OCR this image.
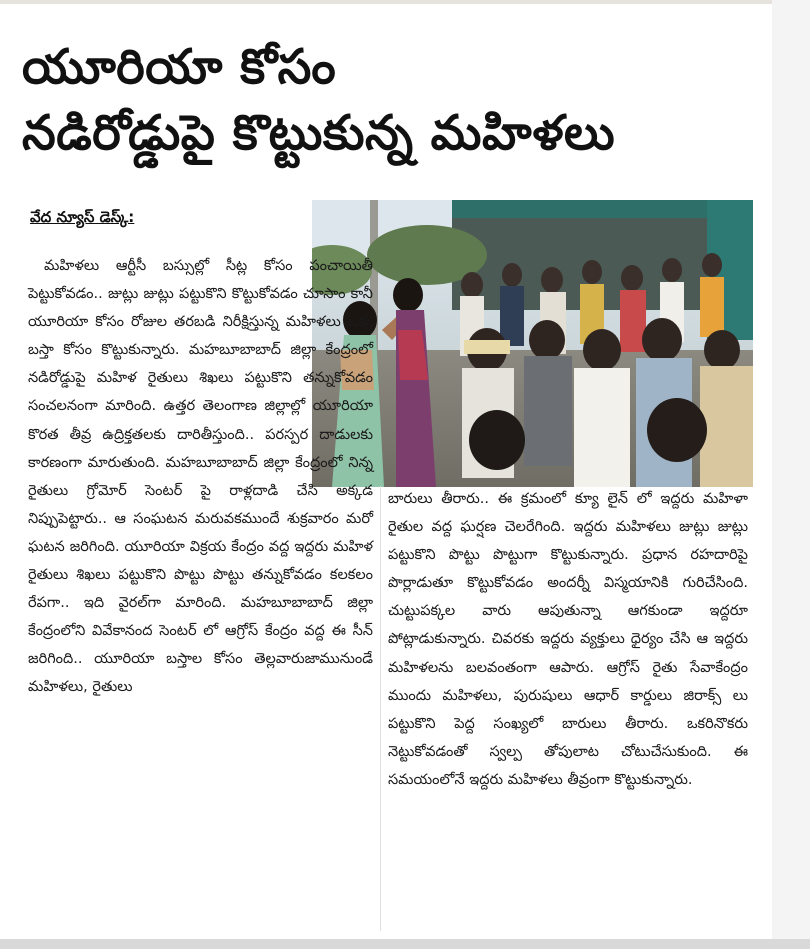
యూరియా కోసం
నడిరోడ్డుపై కొట్టుకున్న మహిళలు
వేద న్యూస్ డెస్క్:

మహిళలు ఆర్టీసీ బస్సుల్లో సీట్ల కోసం పంచాయితీ పెట్టుకోవడం.. జుట్లు జుట్లు పట్టుకొని కొట్టుకోవడం చూసాం కానీ యూరియా కోసం రోజుల తరబడి నిరీక్షిస్తున్న మహిళలు ఒక్క బస్తా కోసం కొట్టుకున్నారు. మహబూబాబాద్ జిల్లా కేంద్రంలో నడిరోడ్డుపై మహిళ రైతులు శిఖలు పట్టుకొని తన్నుకోవడం సంచలనంగా మారింది. ఉత్తర తెలంగాణ జిల్లాల్లో యూరియా కొరత తీవ్ర ఉద్రిక్తతలకు దారితీస్తుంది.. పరస్పర దాడులకు కారణంగా మారుతుంది. మహబూబాబాద్ జిల్లా కేంద్రంలో నిన్న రైతులు గ్రోమోర్ సెంటర్ పై రాళ్లదాడి చేసి అక్కడ నిప్పుపెట్టారు.. ఆ సంఘటన మరువకముందే శుక్రవారం మరో ఘటన జరిగింది. యూరియా విక్రయ కేంద్రం వద్ద ఇద్దరు మహిళ రైతులు శిఖలు పట్టుకొని పొట్టు పొట్టు తన్నుకోవడం కలకలం రేపగా.. ఇది వైరల్‌గా మారింది. మహబూబాబాద్ జిల్లా కేంద్రంలోని వివేకానంద సెంటర్ లో ఆగ్రోస్ కేంద్రం వద్ద ఈ సీన్ జరిగింది.. యూరియా బస్తాల కోసం తెల్లవారుజామునుండే మహిళలు, రైతులు

బారులు తీరారు.. ఈ క్రమంలో క్యూ లైన్ లో ఇద్దరు మహిళా రైతుల వద్ద ఘర్షణ చెలరేగింది. ఇద్దరు మహిళలు జుట్లు జుట్లు పట్టుకొని పొట్టు పొట్టుగా కొట్టుకున్నారు. ప్రధాన రహదారిపై పొర్లాడుతూ కొట్టుకోవడం అందర్నీ విస్మయానికి గురిచేసింది. చుట్టుపక్కల వారు ఆపుతున్నా ఆగకుండా ఇద్దరూ పోట్లాడుకున్నారు. చివరకు ఇద్దరు వ్యక్తులు ధైర్యం చేసి ఆ ఇద్దరు మహిళలను బలవంతంగా ఆపారు. ఆగ్రోస్ రైతు సేవాకేంద్రం ముందు మహిళలు, పురుషులు ఆధార్ కార్డులు జిరాక్స్ లు పట్టుకొని పెద్ద సంఖ్యలో బారులు తీరారు. ఒకరినొకరు నెట్టుకోవడంతో స్వల్ప తోపులాట చోటుచేసుకుంది. ఈ సమయంలోనే ఇద్దరు మహిళలు తీవ్రంగా కొట్టుకున్నారు.
